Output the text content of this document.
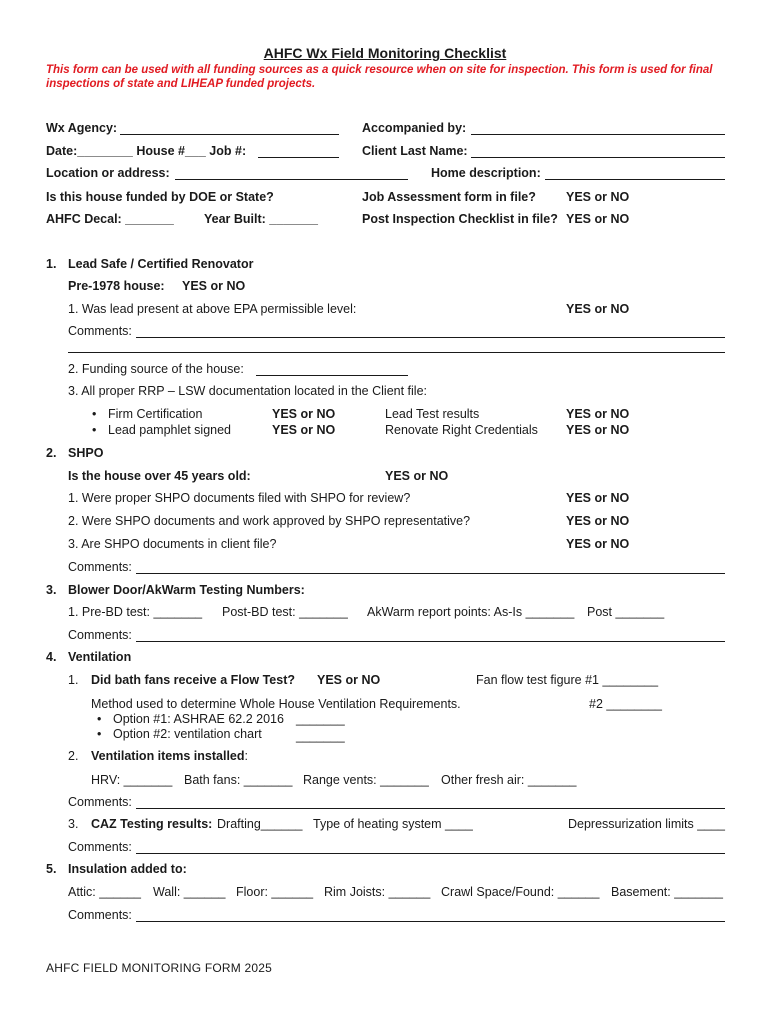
AHFC Wx Field Monitoring Checklist
This form can be used with all funding sources as a quick resource when on site for inspection. This form is used for final inspections of state and LIHEAP funded projects.
Wx Agency:	Accompanied by:
Date:________ House #___ Job #:	Client Last Name:
Location or address:	Home description:
Is this house funded by DOE or State?	Job Assessment form in file? YES or NO
AHFC Decal: _______ Year Built: _______	Post Inspection Checklist in file? YES or NO
1. Lead Safe / Certified Renovator
Pre-1978 house: YES or NO
1. Was lead present at above EPA permissible level:	YES or NO
Comments:
2. Funding source of the house:
3. All proper RRP – LSW documentation located in the Client file:
• Firm Certification	YES or NO	Lead Test results	YES or NO
• Lead pamphlet signed	YES or NO	Renovate Right Credentials YES or NO
2. SHPO
Is the house over 45 years old:	YES or NO
1. Were proper SHPO documents filed with SHPO for review?	YES or NO
2. Were SHPO documents and work approved by SHPO representative?	YES or NO
3. Are SHPO documents in client file?	YES or NO
Comments:
3. Blower Door/AkWarm Testing Numbers:
1. Pre-BD test: _______ Post-BD test: _______ AkWarm report points: As-Is _______ Post _______
Comments:
4. Ventilation
1. Did bath fans receive a Flow Test? YES or NO	Fan flow test figure #1 ________
Method used to determine Whole House Ventilation Requirements.	#2 ________
• Option #1: ASHRAE 62.2 2016 _______
• Option #2: ventilation chart	_______
2. Ventilation items installed:
HRV: _______ Bath fans: _______ Range vents: _______ Other fresh air: _______
Comments:
3. CAZ Testing results: Drafting______ Type of heating system ____	Depressurization limits ____
Comments:
5. Insulation added to:
Attic: ______ Wall: ______ Floor: ______ Rim Joists: ______ Crawl Space/Found: ______ Basement: _______
Comments:
AHFC FIELD MONITORING FORM 2025
